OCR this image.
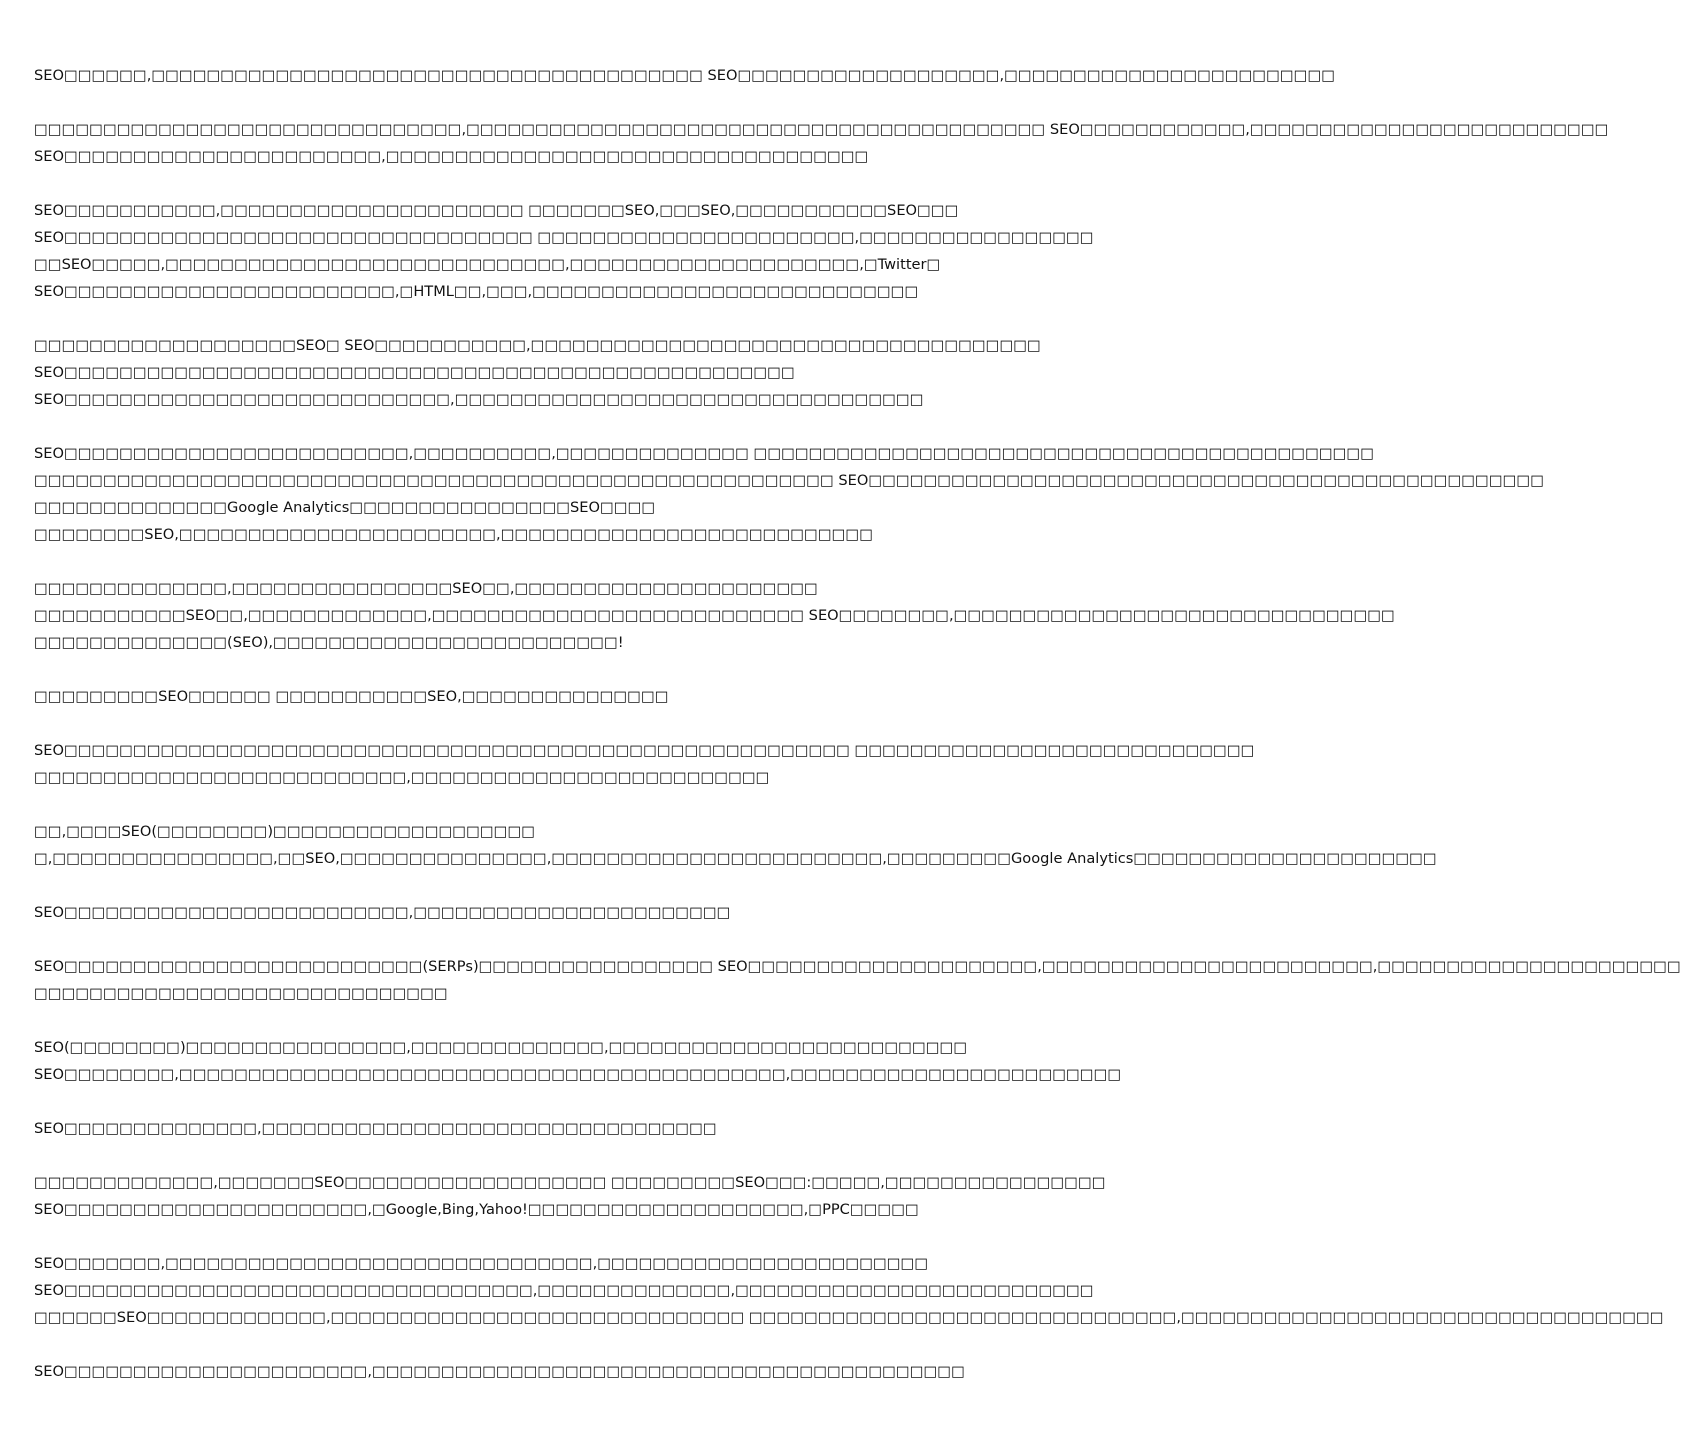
SEO□□□□□□,□□□□□□□□□□□□□□□□□□□□□□□□□□□□□□□□□□□□□□□□ SEO□□□□□□□□□□□□□□□□□□□,□□□□□□□□□□□□□□□□□□□□□□□□
□□□□□□□□□□□□□□□□□□□□□□□□□□□□□□□,□□□□□□□□□□□□□□□□□□□□□□□□□□□□□□□□□□□□□□□□□□ SEO□□□□□□□□□□□□,□□□□□□□□□□□□□□□□□□□□□□□□□□
SEO□□□□□□□□□□□□□□□□□□□□□□□,□□□□□□□□□□□□□□□□□□□□□□□□□□□□□□□□□□□
SEO□□□□□□□□□□□,□□□□□□□□□□□□□□□□□□□□□□ □□□□□□□SEO,□□□SEO,□□□□□□□□□□□SEO□□□
SEO□□□□□□□□□□□□□□□□□□□□□□□□□□□□□□□□□□ □□□□□□□□□□□□□□□□□□□□□□□,□□□□□□□□□□□□□□□□□
□□SEO□□□□□,□□□□□□□□□□□□□□□□□□□□□□□□□□□□□,□□□□□□□□□□□□□□□□□□□□□,□Twitter□
SEO□□□□□□□□□□□□□□□□□□□□□□□□,□HTML□□,□□□,□□□□□□□□□□□□□□□□□□□□□□□□□□□□
□□□□□□□□□□□□□□□□□□□SEO□ SEO□□□□□□□□□□□,□□□□□□□□□□□□□□□□□□□□□□□□□□□□□□□□□□□□□
SEO□□□□□□□□□□□□□□□□□□□□□□□□□□□□□□□□□□□□□□□□□□□□□□□□□□□□□
SEO□□□□□□□□□□□□□□□□□□□□□□□□□□□□,□□□□□□□□□□□□□□□□□□□□□□□□□□□□□□□□□□
SEO□□□□□□□□□□□□□□□□□□□□□□□□□,□□□□□□□□□□,□□□□□□□□□□□□□□ □□□□□□□□□□□□□□□□□□□□□□□□□□□□□□□□□□□□□□□□□□□□□
□□□□□□□□□□□□□□□□□□□□□□□□□□□□□□□□□□□□□□□□□□□□□□□□□□□□□□□□□□ SEO□□□□□□□□□□□□□□□□□□□□□□□□□□□□□□□□□□□□□□□□□□□□□□□□□
□□□□□□□□□□□□□□Google Analytics□□□□□□□□□□□□□□□□SEO□□□□
□□□□□□□□SEO,□□□□□□□□□□□□□□□□□□□□□□□,□□□□□□□□□□□□□□□□□□□□□□□□□□□
□□□□□□□□□□□□□□,□□□□□□□□□□□□□□□□SEO□□,□□□□□□□□□□□□□□□□□□□□□□
□□□□□□□□□□□SEO□□,□□□□□□□□□□□□□,□□□□□□□□□□□□□□□□□□□□□□□□□□□ SEO□□□□□□□□,□□□□□□□□□□□□□□□□□□□□□□□□□□□□□□□□
□□□□□□□□□□□□□□(SEO),□□□□□□□□□□□□□□□□□□□□□□□□□!
□□□□□□□□□SEO□□□□□□ □□□□□□□□□□□SEO,□□□□□□□□□□□□□□□
SEO□□□□□□□□□□□□□□□□□□□□□□□□□□□□□□□□□□□□□□□□□□□□□□□□□□□□□□□□□ □□□□□□□□□□□□□□□□□□□□□□□□□□□□□
□□□□□□□□□□□□□□□□□□□□□□□□□□□,□□□□□□□□□□□□□□□□□□□□□□□□□□
□□,□□□□SEO(□□□□□□□□)□□□□□□□□□□□□□□□□□□□
□,□□□□□□□□□□□□□□□□,□□SEO,□□□□□□□□□□□□□□□,□□□□□□□□□□□□□□□□□□□□□□□□,□□□□□□□□□Google Analytics□□□□□□□□□□□□□□□□□□□□□□
SEO□□□□□□□□□□□□□□□□□□□□□□□□□,□□□□□□□□□□□□□□□□□□□□□□□
SEO□□□□□□□□□□□□□□□□□□□□□□□□□□(SERPs)□□□□□□□□□□□□□□□□□ SEO□□□□□□□□□□□□□□□□□□□□□,□□□□□□□□□□□□□□□□□□□□□□□□,□□□□□□□□□□□□□□□□□□□□□□
□□□□□□□□□□□□□□□□□□□□□□□□□□□□□□
SEO(□□□□□□□□)□□□□□□□□□□□□□□□□,□□□□□□□□□□□□□□,□□□□□□□□□□□□□□□□□□□□□□□□□□
SEO□□□□□□□□,□□□□□□□□□□□□□□□□□□□□□□□□□□□□□□□□□□□□□□□□□□□□,□□□□□□□□□□□□□□□□□□□□□□□□
SEO□□□□□□□□□□□□□□,□□□□□□□□□□□□□□□□□□□□□□□□□□□□□□□□□
□□□□□□□□□□□□□,□□□□□□□SEO□□□□□□□□□□□□□□□□□□□ □□□□□□□□□SEO□□□:□□□□□,□□□□□□□□□□□□□□□□
SEO□□□□□□□□□□□□□□□□□□□□□□,□Google,Bing,Yahoo!□□□□□□□□□□□□□□□□□□□□,□PPC□□□□□
SEO□□□□□□□,□□□□□□□□□□□□□□□□□□□□□□□□□□□□□□□,□□□□□□□□□□□□□□□□□□□□□□□□
SEO□□□□□□□□□□□□□□□□□□□□□□□□□□□□□□□□□□,□□□□□□□□□□□□□□,□□□□□□□□□□□□□□□□□□□□□□□□□□
□□□□□□SEO□□□□□□□□□□□□□,□□□□□□□□□□□□□□□□□□□□□□□□□□□□□□ □□□□□□□□□□□□□□□□□□□□□□□□□□□□□□□,□□□□□□□□□□□□□□□□□□□□□□□□□□□□□□□□□□□
SEO□□□□□□□□□□□□□□□□□□□□□□,□□□□□□□□□□□□□□□□□□□□□□□□□□□□□□□□□□□□□□□□□□□
